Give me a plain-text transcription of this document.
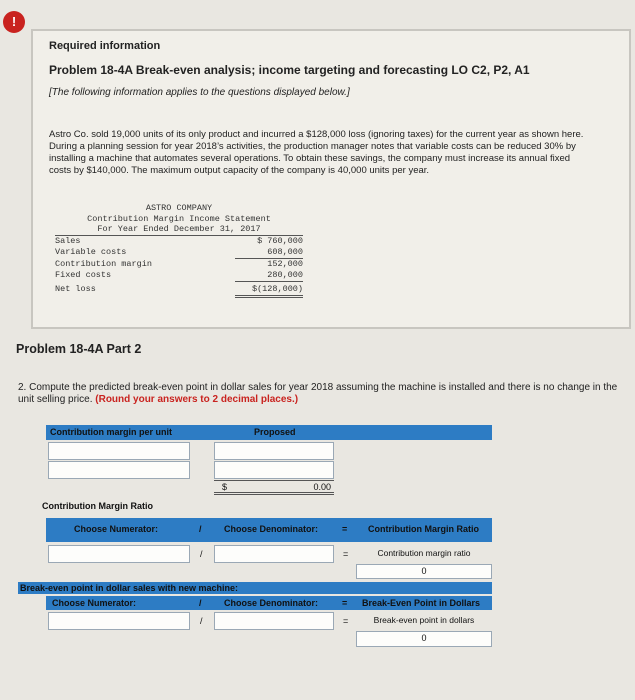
!
Required information
Problem 18-4A Break-even analysis; income targeting and forecasting LO C2, P2, A1
[The following information applies to the questions displayed below.]
Astro Co. sold 19,000 units of its only product and incurred a $128,000 loss (ignoring taxes) for the current year as shown here. During a planning session for year 2018’s activities, the production manager notes that variable costs can be reduced 30% by installing a machine that automates several operations. To obtain these savings, the company must increase its annual fixed costs by $140,000. The maximum output capacity of the company is 40,000 units per year.
ASTRO COMPANY
Contribution Margin Income Statement
For Year Ended December 31, 2017
Sales	$ 760,000
Variable costs	608,000
Contribution margin	152,000
Fixed costs	280,000
Net loss	$(128,000)
Problem 18-4A Part 2
2. Compute the predicted break-even point in dollar sales for year 2018 assuming the machine is installed and there is no change in the unit selling price. (Round your answers to 2 decimal places.)
Contribution margin per unit	Proposed
$	0.00
Contribution Margin Ratio
Choose Numerator:	/ Choose Denominator:	= Contribution Margin Ratio
/	=	Contribution margin ratio
0
Break-even point in dollar sales with new machine:
Choose Numerator:	/ Choose Denominator:	= Break-Even Point in Dollars
/	=	Break-even point in dollars
0
